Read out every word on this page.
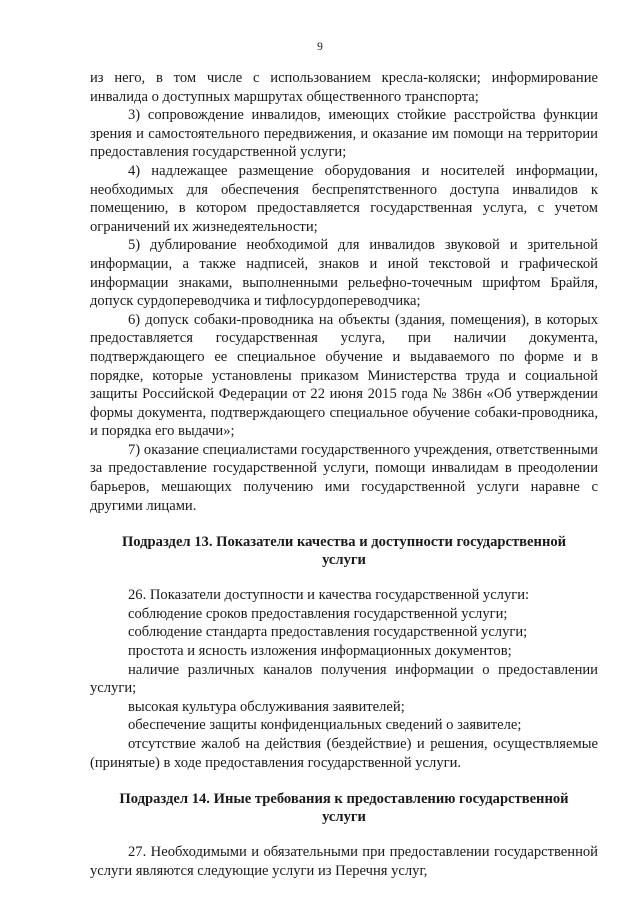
9

из него, в том числе с использованием кресла-коляски; информирование инвалида о доступных маршрутах общественного транспорта;

3) сопровождение инвалидов, имеющих стойкие расстройства функции зрения и самостоятельного передвижения, и оказание им помощи на территории предоставления государственной услуги;

4) надлежащее размещение оборудования и носителей информации, необходимых для обеспечения беспрепятственного доступа инвалидов к помещению, в котором предоставляется государственная услуга, с учетом ограничений их жизнедеятельности;

5) дублирование необходимой для инвалидов звуковой и зрительной информации, а также надписей, знаков и иной текстовой и графической информации знаками, выполненными рельефно-точечным шрифтом Брайля, допуск сурдопереводчика и тифлосурдопереводчика;

6) допуск собаки-проводника на объекты (здания, помещения), в которых предоставляется государственная услуга, при наличии документа, подтверждающего ее специальное обучение и выдаваемого по форме и в порядке, которые установлены приказом Министерства труда и социальной защиты Российской Федерации от 22 июня 2015 года № 386н «Об утверждении формы документа, подтверждающего специальное обучение собаки-проводника, и порядка его выдачи»;

7) оказание специалистами государственного учреждения, ответственными за предоставление государственной услуги, помощи инвалидам в преодолении барьеров, мешающих получению ими государственной услуги наравне с другими лицами.

Подраздел 13. Показатели качества и доступности государственной
услуги

26. Показатели доступности и качества государственной услуги:

соблюдение сроков предоставления государственной услуги;

соблюдение стандарта предоставления государственной услуги;

простота и ясность изложения информационных документов;

наличие различных каналов получения информации о предоставлении услуги;

высокая культура обслуживания заявителей;

обеспечение защиты конфиденциальных сведений о заявителе;

отсутствие жалоб на действия (бездействие) и решения, осуществляемые (принятые) в ходе предоставления государственной услуги.

Подраздел 14. Иные требования к предоставлению государственной
услуги

27. Необходимыми и обязательными при предоставлении государственной услуги являются следующие услуги из Перечня услуг,
